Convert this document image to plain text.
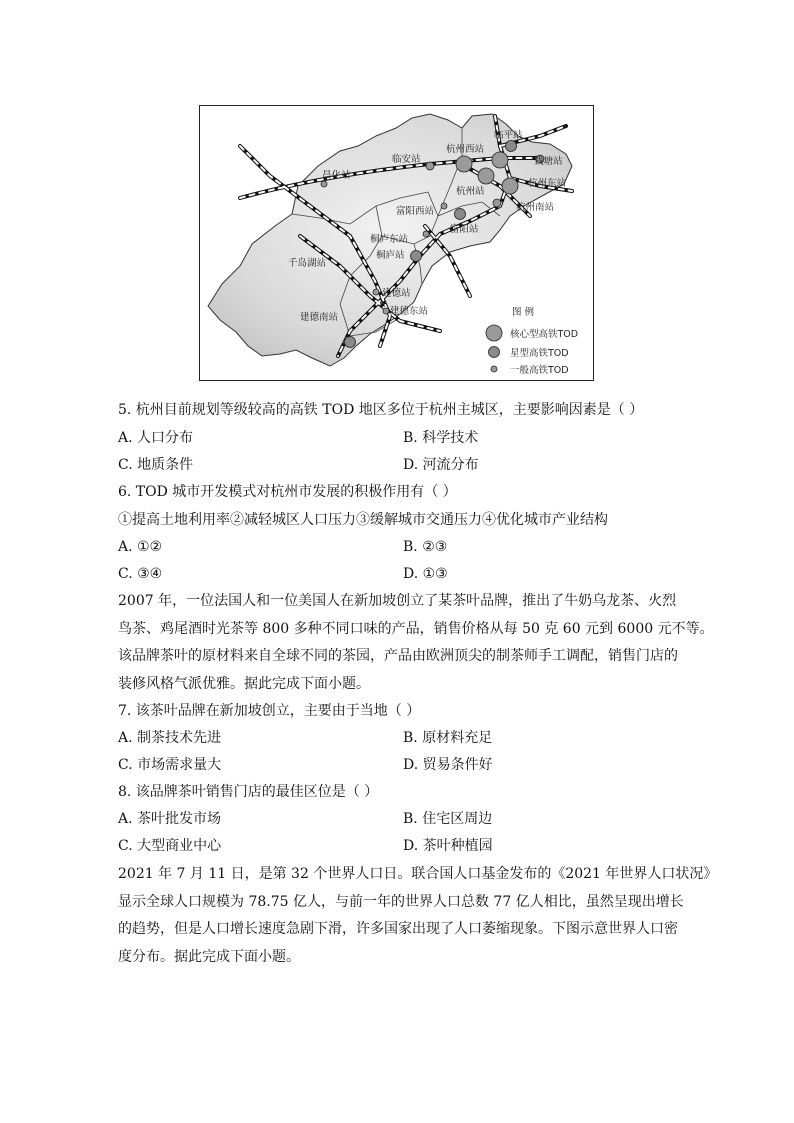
临平站
杭州西站
钱塘站
临安站
昌化站
杭州东站
杭州站
杭州南站
富阳西站
富阳站
桐庐东站
桐庐站
千岛湖站
建德站
建德东站
建德南站	图 例
核心型高铁TOD
星型高铁TOD
一般高铁TOD
5. 杭州目前规划等级较高的高铁 TOD 地区多位于杭州主城区，主要影响因素是（ ）
A. 人口分布	B. 科学技术
C. 地质条件	D. 河流分布
6. TOD 城市开发模式对杭州市发展的积极作用有（ ）
①提高土地利用率②减轻城区人口压力③缓解城市交通压力④优化城市产业结构
A. ①②	B. ②③
C. ③④	D. ①③
2007 年，一位法国人和一位美国人在新加坡创立了某茶叶品牌，推出了牛奶乌龙茶、火烈
鸟茶、鸡尾酒时光茶等 800 多种不同口味的产品，销售价格从每 50 克 60 元到 6000 元不等。
该品牌茶叶的原材料来自全球不同的茶园，产品由欧洲顶尖的制茶师手工调配，销售门店的
装修风格气派优雅。据此完成下面小题。
7. 该茶叶品牌在新加坡创立，主要由于当地（ ）
A. 制茶技术先进	B. 原材料充足
C. 市场需求量大	D. 贸易条件好
8. 该品牌茶叶销售门店的最佳区位是（ ）
A. 茶叶批发市场	B. 住宅区周边
C. 大型商业中心	D. 茶叶种植园
2021 年 7 月 11 日，是第 32 个世界人口日。联合国人口基金发布的《2021 年世界人口状况》
显示全球人口规模为 78.75 亿人，与前一年的世界人口总数 77 亿人相比，虽然呈现出增长
的趋势，但是人口增长速度急剧下滑，许多国家出现了人口萎缩现象。下图示意世界人口密
度分布。据此完成下面小题。
